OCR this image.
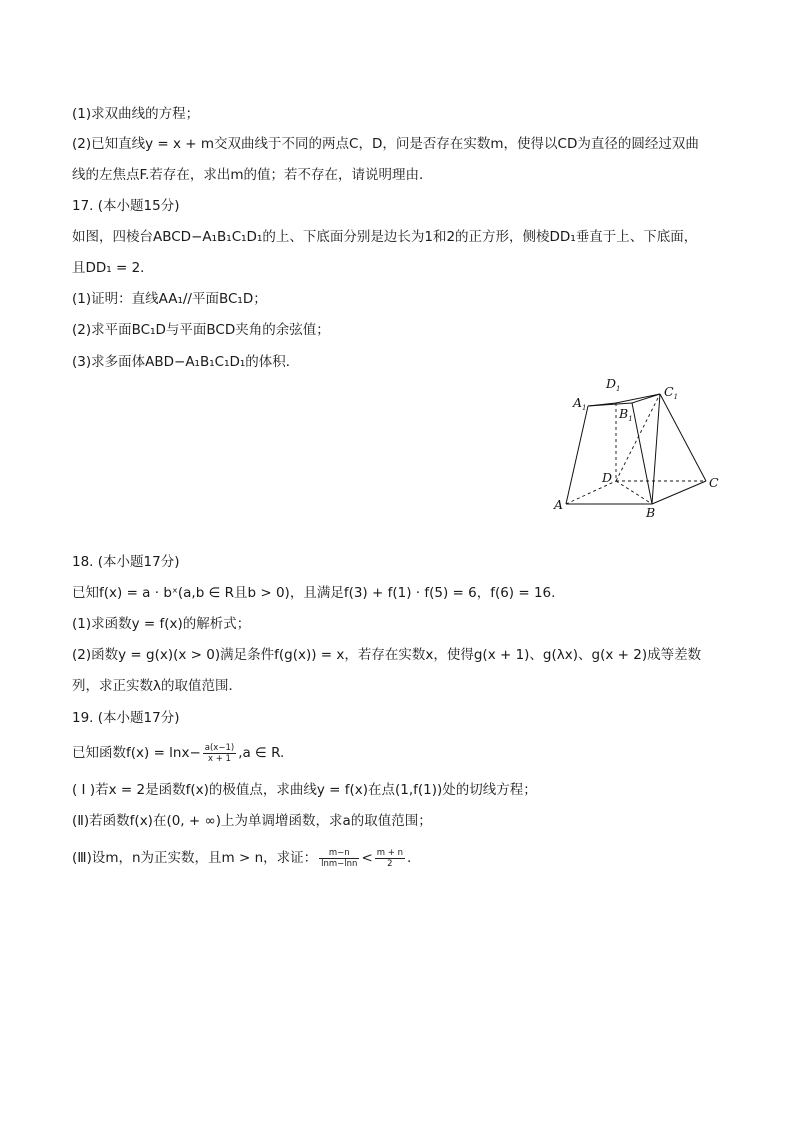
(1)求双曲线的方程；
(2)已知直线y = x + m交双曲线于不同的两点C，D，问是否存在实数m，使得以CD为直径的圆经过双曲
线的左焦点F.若存在，求出m的值；若不存在，请说明理由．
17. (本小题15分)
如图，四棱台ABCD−A₁B₁C₁D₁的上、下底面分别是边长为1和2的正方形，侧棱DD₁垂直于上、下底面，
且DD₁ = 2．
(1)证明：直线AA₁//平面BC₁D；
(2)求平面BC₁D与平面BCD夹角的余弦值；
(3)求多面体ABD−A₁B₁C₁D₁的体积．
$A_1$
$D_1$
$B_1$
$C_1$
D	C
A
B
18. (本小题17分)
已知f(x) = a · bˣ(a,b ∈ R且b > 0)，且满足f(3) + f(1) · f(5) = 6，f(6) = 16.
(1)求函数y = f(x)的解析式；
(2)函数y = g(x)(x > 0)满足条件f(g(x)) = x，若存在实数x，使得g(x + 1)、g(λx)、g(x + 2)成等差数
列，求正实数λ的取值范围．
19. (本小题17分)
已知函数$f(x) = \ln x- \frac{a(x-1)}{x + 1} ,a$ ∈ R.
( I )若x = 2是函数f(x)的极值点，求曲线y = f(x)在点(1,f(1))处的切线方程；
(Ⅱ)若函数f(x)在(0, + ∞)上为单调增函数，求a的取值范围；
(Ⅲ)设m，n为正实数，且m > n，求证： $\frac{m-n}{\ln m-\ln n} < \frac{m + n}{2}$ .
